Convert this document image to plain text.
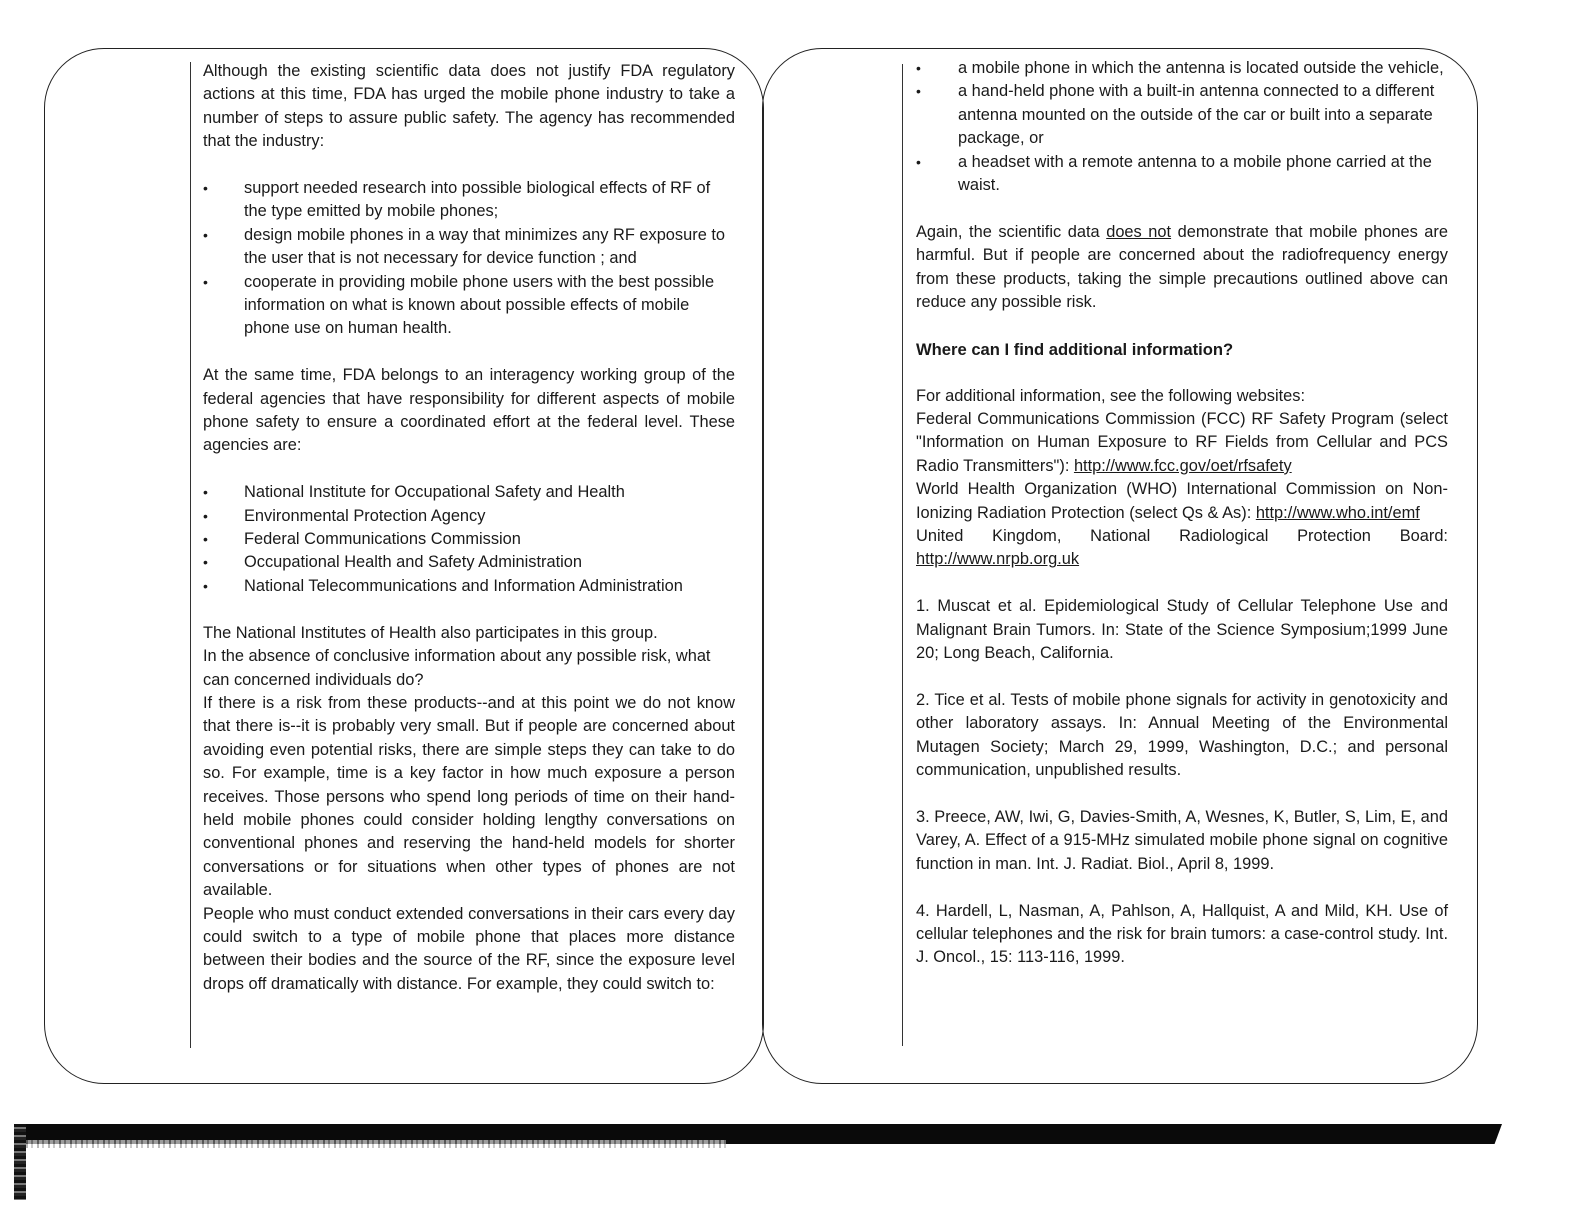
Although the existing scientific data does not justify FDA regulatory actions at this time, FDA has urged the mobile phone industry to take a number of steps to assure public safety. The agency has recommended that the industry:

• support needed research into possible biological effects of RF of the type emitted by mobile phones;
• design mobile phones in a way that minimizes any RF exposure to the user that is not necessary for device function ; and
• cooperate in providing mobile phone users with the best possible information on what is known about possible effects of mobile phone use on human health.

At the same time, FDA belongs to an interagency working group of the federal agencies that have responsibility for different aspects of mobile phone safety to ensure a coordinated effort at the federal level. These agencies are:

• National Institute for Occupational Safety and Health
• Environmental Protection Agency
• Federal Communications Commission
• Occupational Health and Safety Administration
• National Telecommunications and Information Administration

The National Institutes of Health also participates in this group.

In the absence of conclusive information about any possible risk, what can concerned individuals do?

If there is a risk from these products--and at this point we do not know that there is--it is probably very small. But if people are concerned about avoiding even potential risks, there are simple steps they can take to do so. For example, time is a key factor in how much exposure a person receives. Those persons who spend long periods of time on their hand-held mobile phones could consider holding lengthy conversations on conventional phones and reserving the hand-held models for shorter conversations or for situations when other types of phones are not available.

People who must conduct extended conversations in their cars every day could switch to a type of mobile phone that places more distance between their bodies and the source of the RF, since the exposure level drops off dramatically with distance. For example, they could switch to:

• a mobile phone in which the antenna is located outside the vehicle,
• a hand-held phone with a built-in antenna connected to a different antenna mounted on the outside of the car or built into a separate package, or
• a headset with a remote antenna to a mobile phone carried at the waist.

Again, the scientific data does not demonstrate that mobile phones are harmful. But if people are concerned about the radiofrequency energy from these products, taking the simple precautions outlined above can reduce any possible risk.

Where can I find additional information?

For additional information, see the following websites:

Federal Communications Commission (FCC) RF Safety Program (select "Information on Human Exposure to RF Fields from Cellular and PCS Radio Transmitters"): http://www.fcc.gov/oet/rfsafety

World Health Organization (WHO) International Commission on Non-Ionizing Radiation Protection (select Qs & As): http://www.who.int/emf

United Kingdom, National Radiological Protection Board: http://www.nrpb.org.uk

1. Muscat et al. Epidemiological Study of Cellular Telephone Use and Malignant Brain Tumors. In: State of the Science Symposium;1999 June 20; Long Beach, California.

2. Tice et al. Tests of mobile phone signals for activity in genotoxicity and other laboratory assays. In: Annual Meeting of the Environmental Mutagen Society; March 29, 1999, Washington, D.C.; and personal communication, unpublished results.

3. Preece, AW, Iwi, G, Davies-Smith, A, Wesnes, K, Butler, S, Lim, E, and Varey, A. Effect of a 915-MHz simulated mobile phone signal on cognitive function in man. Int. J. Radiat. Biol., April 8, 1999.

4. Hardell, L, Nasman, A, Pahlson, A, Hallquist, A and Mild, KH. Use of cellular telephones and the risk for brain tumors: a case-control study. Int. J. Oncol., 15: 113-116, 1999.
